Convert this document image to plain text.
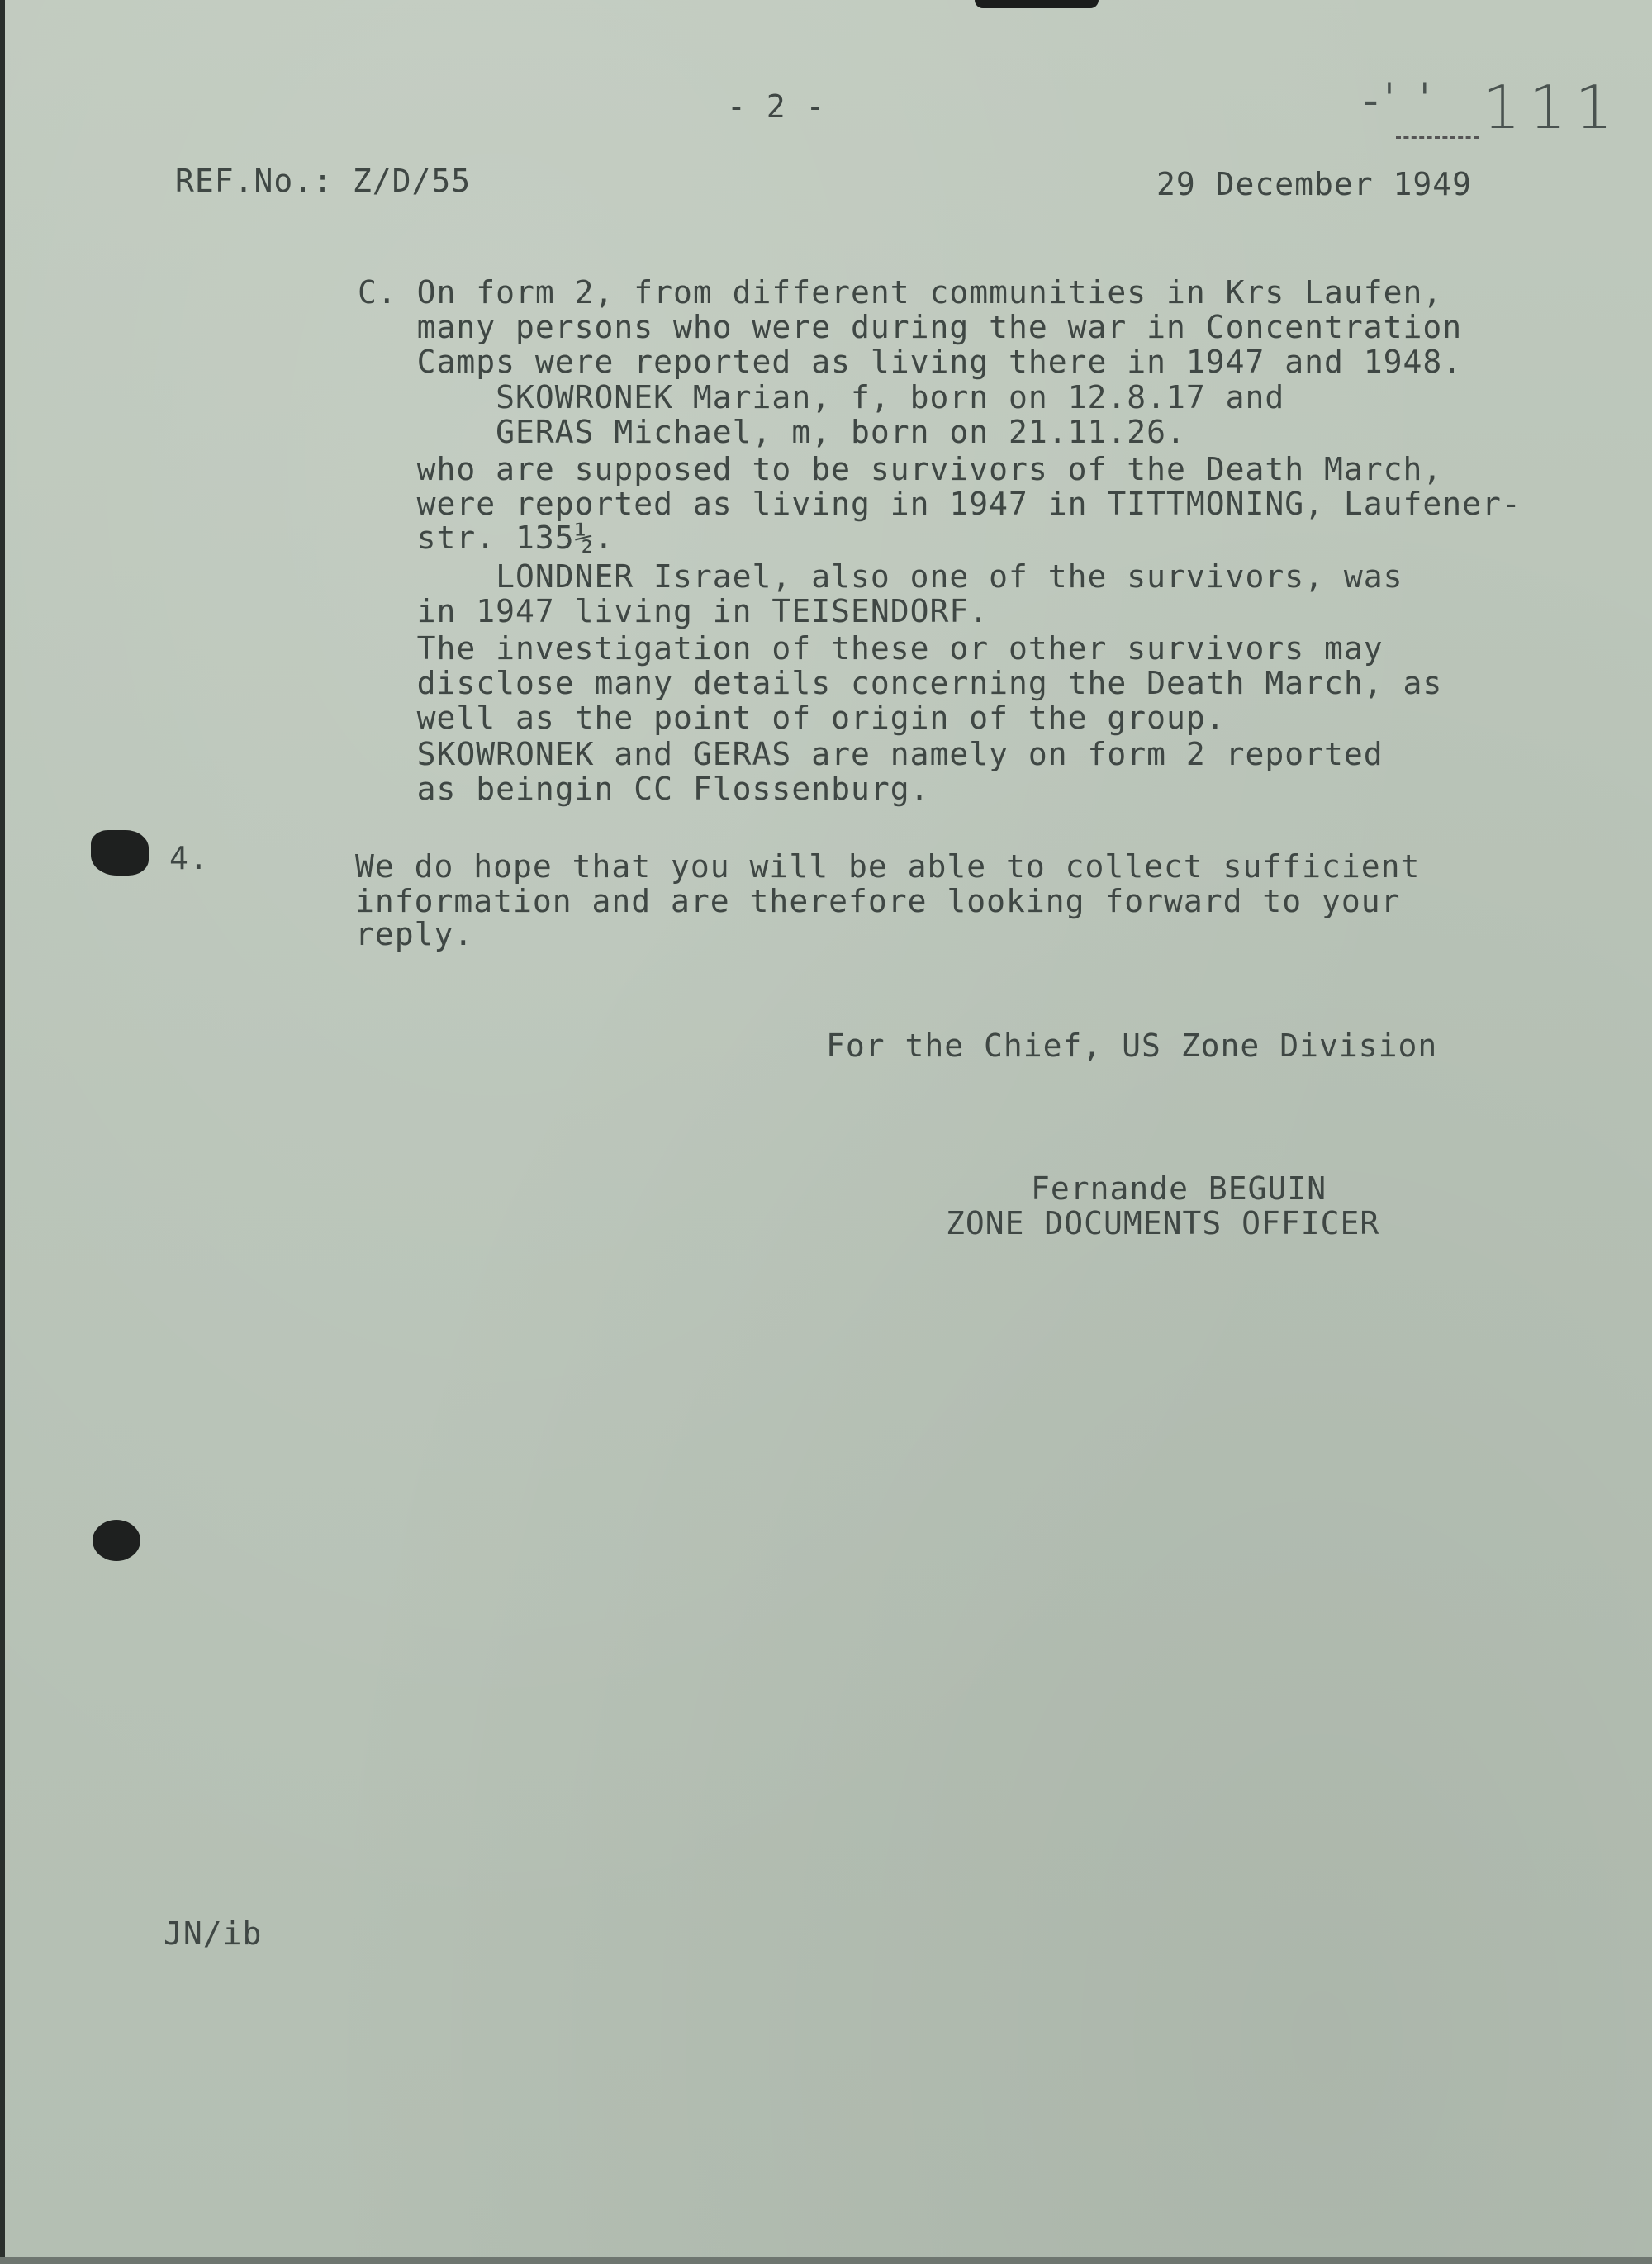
-ˈ ˈ 111
- 2 -
REF.No.: Z/D/55	29 December 1949
C. On form 2, from different communities in Krs Laufen,
many persons who were during the war in Concentration
Camps were reported as living there in 1947 and 1948.
SKOWRONEK Marian, f, born on 12.8.17 and
GERAS Michael, m, born on 21.11.26.
who are supposed to be survivors of the Death March,
were reported as living in 1947 in TITTMONING, Laufener-
str. 135½.
LONDNER Israel, also one of the survivors, was
in 1947 living in TEISENDORF.
The investigation of these or other survivors may
disclose many details concerning the Death March, as
well as the point of origin of the group.
SKOWRONEK and GERAS are namely on form 2 reported
as beingin CC Flossenburg.
4.	We do hope that you will be able to collect sufficient
information and are therefore looking forward to your
reply.
For the Chief, US Zone Division
Fernande BEGUIN
ZONE DOCUMENTS OFFICER
JN/ib
